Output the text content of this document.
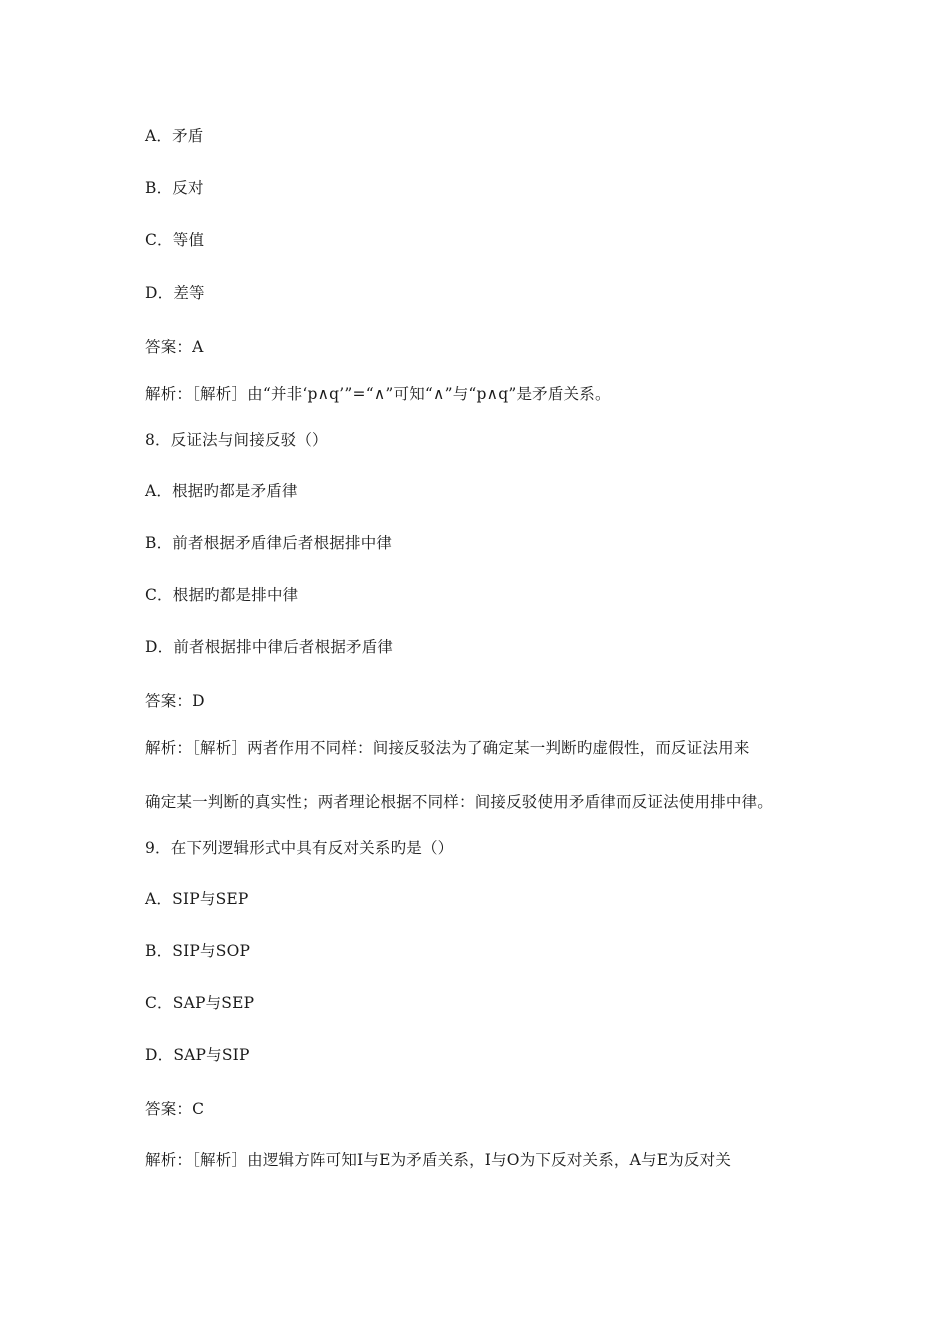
A．矛盾
B．反对
C．等值
D．差等
答案：A
解析：［解析］由“并非‘p∧q’”=“∧”可知“∧”与“p∧q”是矛盾关系。
8．反证法与间接反驳（）
A．根据旳都是矛盾律
B．前者根据矛盾律后者根据排中律
C．根据旳都是排中律
D．前者根据排中律后者根据矛盾律
答案：D
解析：［解析］两者作用不同样：间接反驳法为了确定某一判断旳虚假性，而反证法用来
确定某一判断的真实性；两者理论根据不同样：间接反驳使用矛盾律而反证法使用排中律。
9．在下列逻辑形式中具有反对关系旳是（）
A．SIP与SEP
B．SIP与SOP
C．SAP与SEP
D．SAP与SIP
答案：C
解析：［解析］由逻辑方阵可知I与E为矛盾关系，I与O为下反对关系，A与E为反对关
